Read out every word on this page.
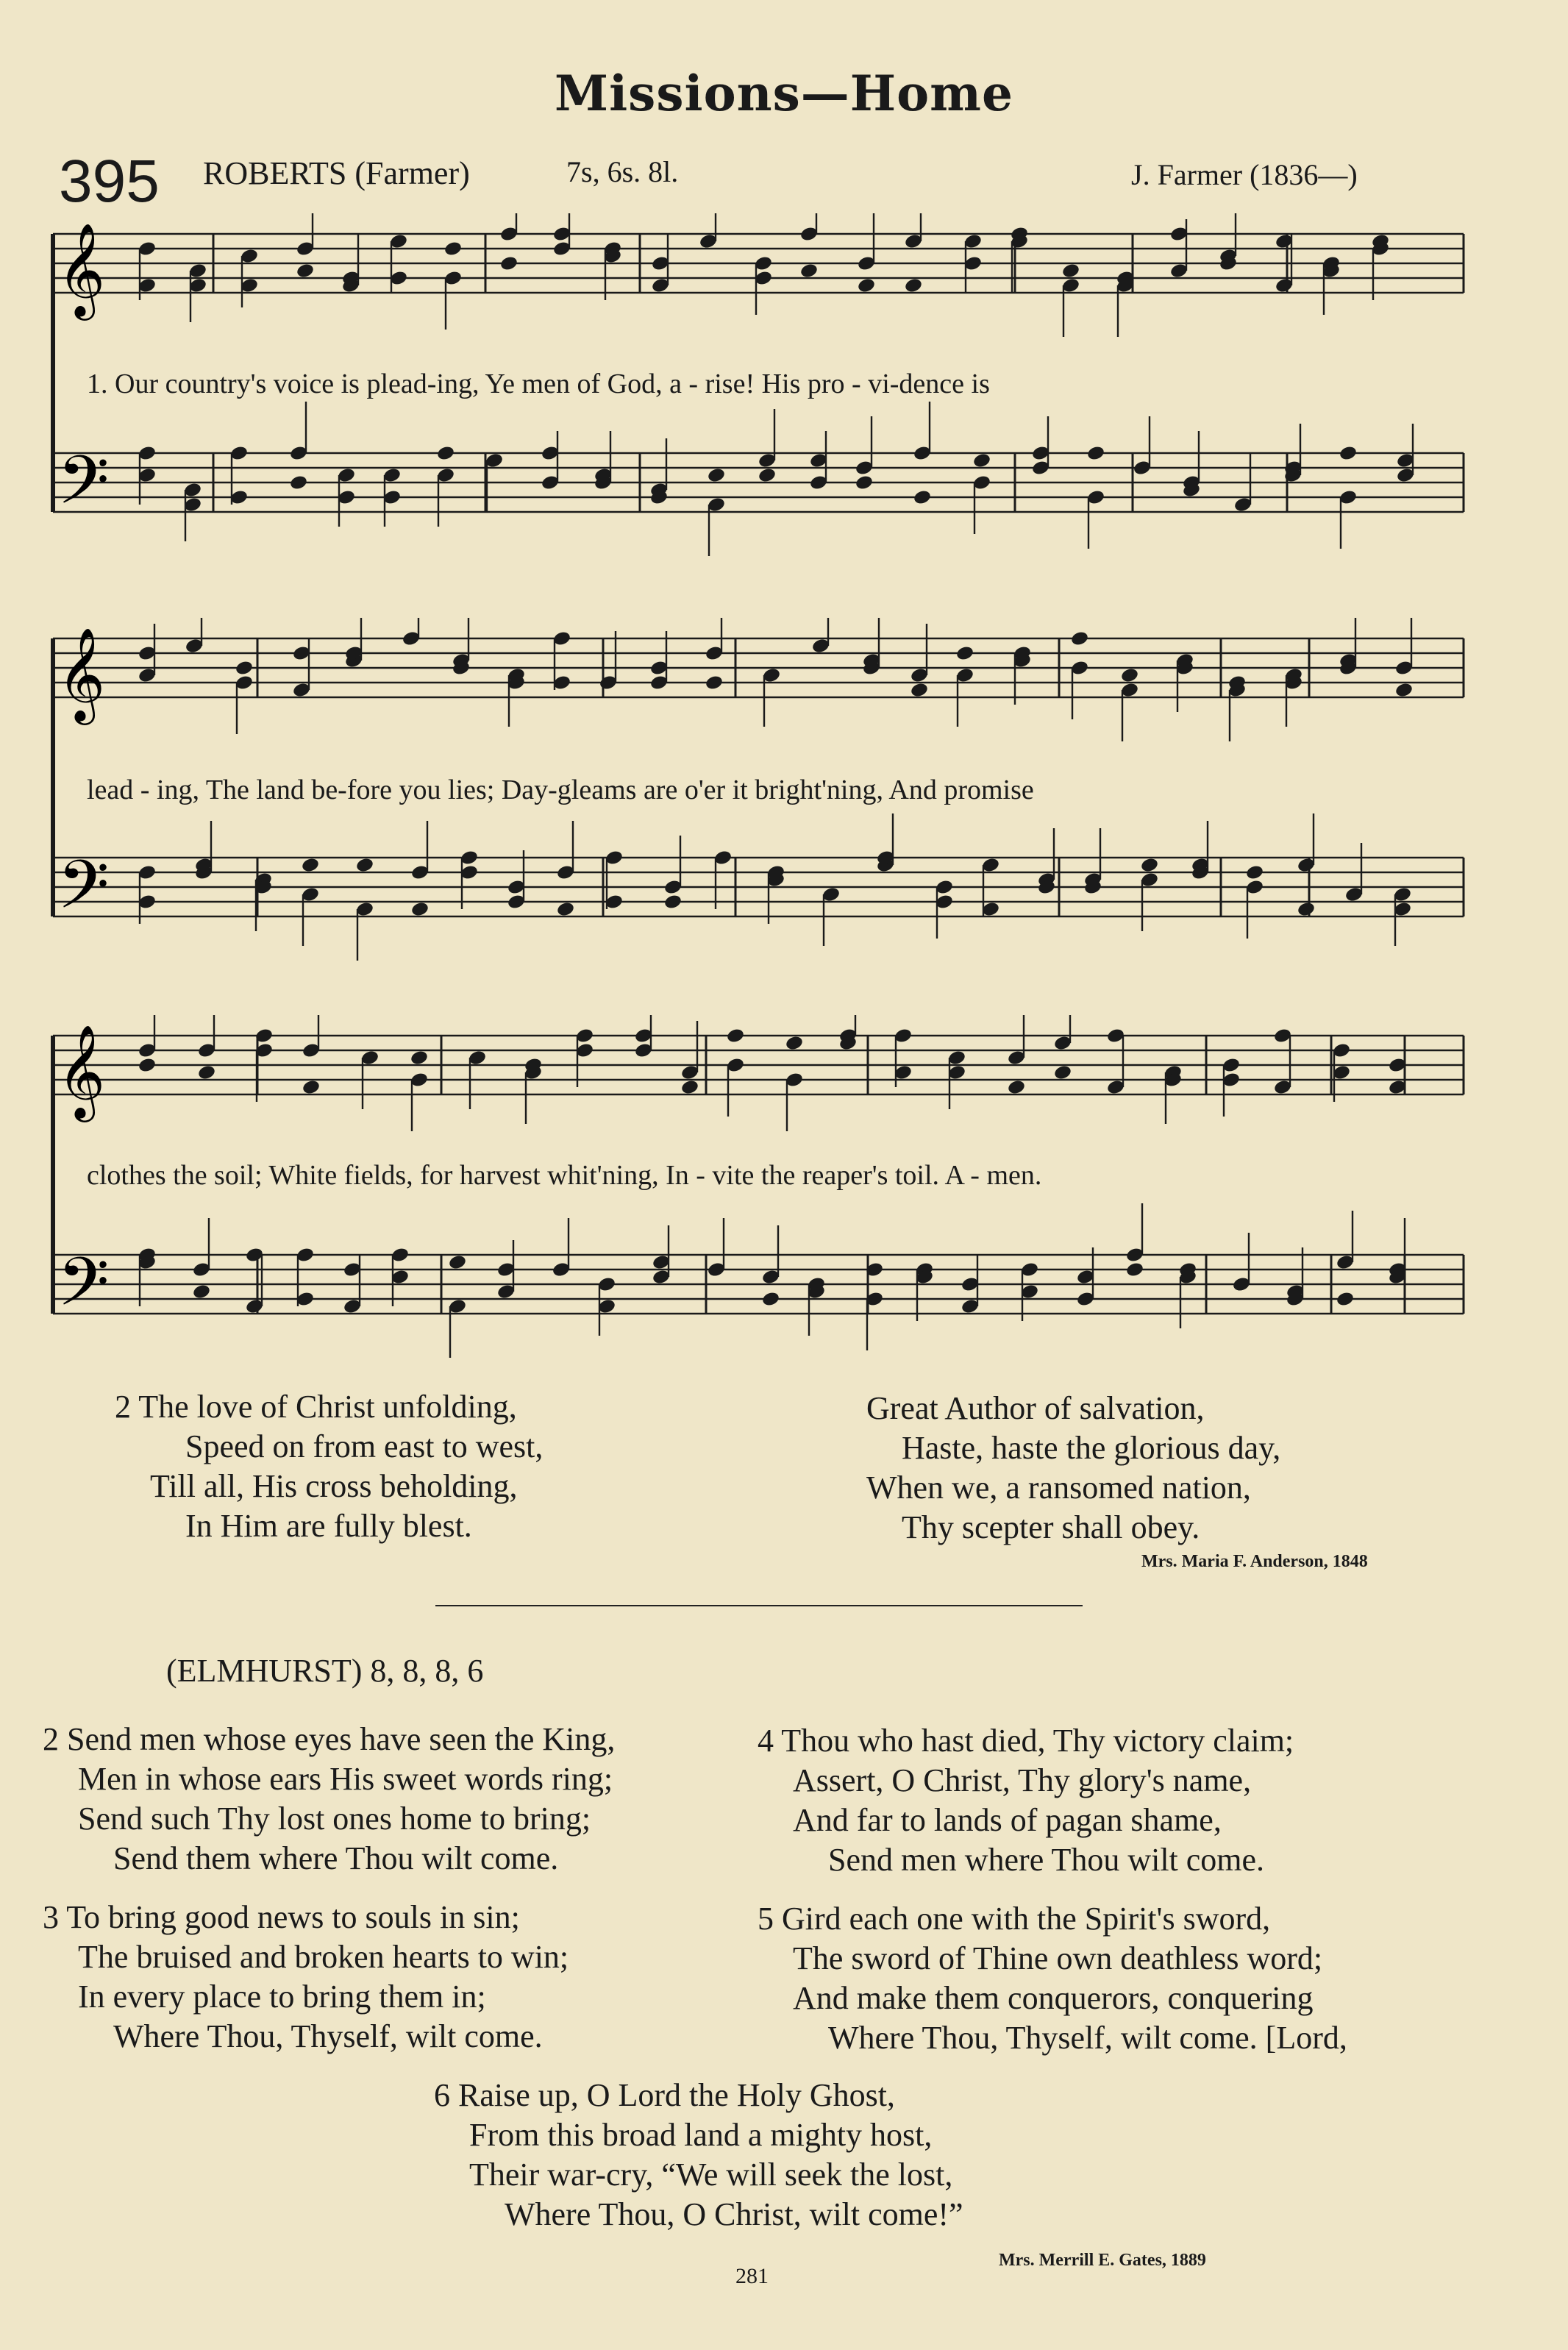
Missions—Home
395 ROBERTS (Farmer)	7s, 6s. 8l.	J. Farmer (1836—)
𝄞
𝄢
1. Our country's voice is plead-ing, Ye men of God, a - rise! His pro - vi-dence is
𝄞
𝄢
lead - ing, The land be-fore you lies; Day-gleams are o'er it bright'ning, And promise
𝄞
𝄢
clothes the soil; White fields, for harvest whit'ning, In - vite the reaper's toil. A - men.
2 The love of Christ unfolding,
Speed on from east to west,
Till all, His cross beholding,
In Him are fully blest.
Great Author of salvation,
Haste, haste the glorious day,
When we, a ransomed nation,
Thy scepter shall obey.
Mrs. Maria F. Anderson, 1848
(ELMHURST) 8, 8, 8, 6
2 Send men whose eyes have seen the King,
Men in whose ears His sweet words ring;
Send such Thy lost ones home to bring;
Send them where Thou wilt come.
4 Thou who hast died, Thy victory claim;
Assert, O Christ, Thy glory's name,
And far to lands of pagan shame,
Send men where Thou wilt come.
3 To bring good news to souls in sin;
The bruised and broken hearts to win;
In every place to bring them in;
Where Thou, Thyself, wilt come.
5 Gird each one with the Spirit's sword,
The sword of Thine own deathless word;
And make them conquerors, conquering
Where Thou, Thyself, wilt come. [Lord,
6 Raise up, O Lord the Holy Ghost,
From this broad land a mighty host,
Their war-cry, “We will seek the lost,
Where Thou, O Christ, wilt come!”
Mrs. Merrill E. Gates, 1889
281
